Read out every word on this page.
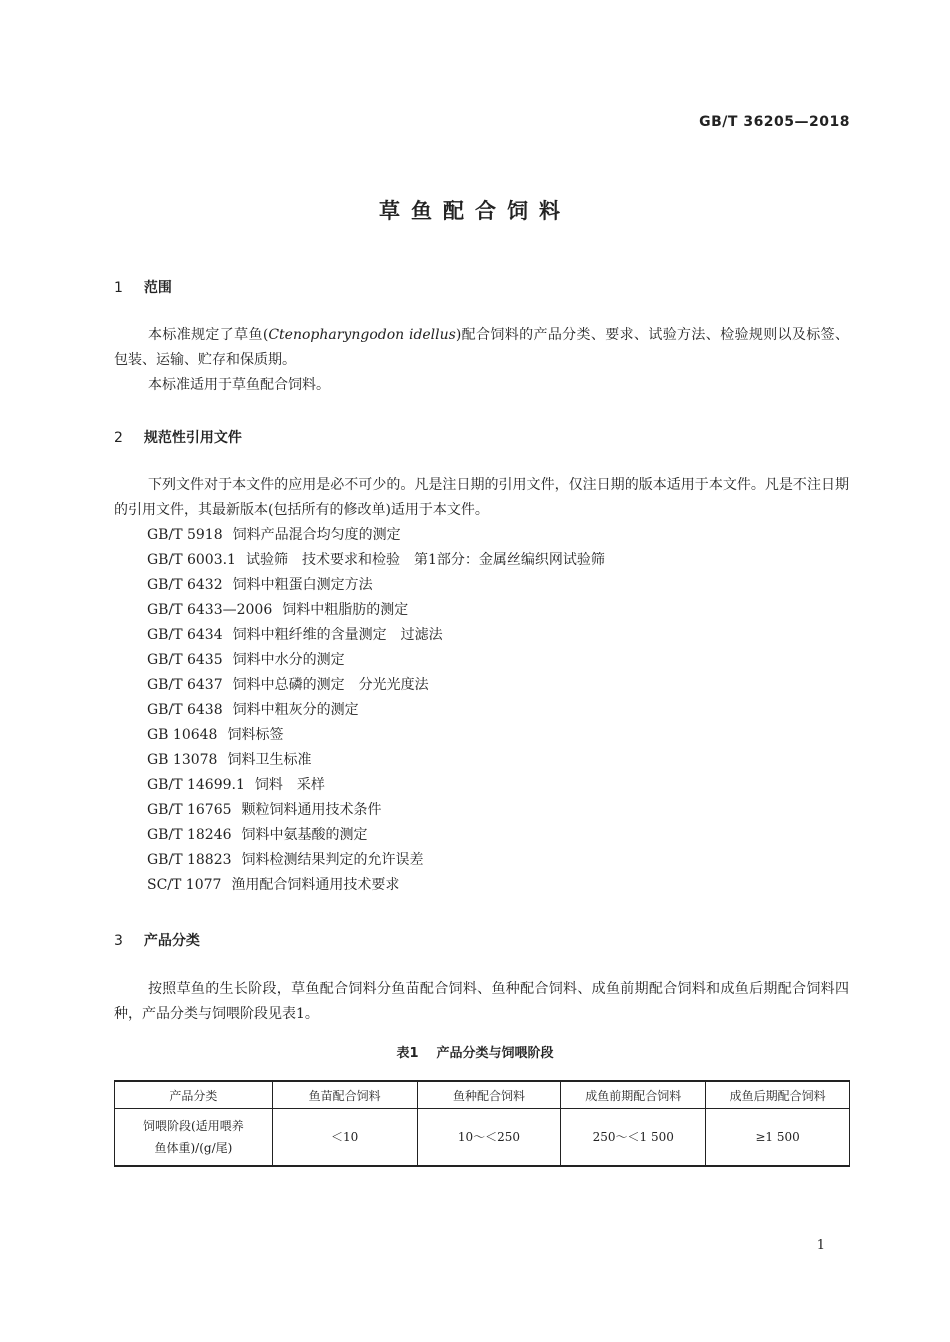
GB/T 36205—2018
草鱼配合饲料
1 范围
本标准规定了草鱼(Ctenopharyngodon idellus)配合饲料的产品分类、要求、试验方法、检验规则以及标签、包装、运输、贮存和保质期。
本标准适用于草鱼配合饲料。
2 规范性引用文件
下列文件对于本文件的应用是必不可少的。凡是注日期的引用文件，仅注日期的版本适用于本文件。凡是不注日期的引用文件，其最新版本(包括所有的修改单)适用于本文件。
GB/T 5918 饲料产品混合均匀度的测定
GB/T 6003.1 试验筛　技术要求和检验　第1部分：金属丝编织网试验筛
GB/T 6432 饲料中粗蛋白测定方法
GB/T 6433—2006 饲料中粗脂肪的测定
GB/T 6434 饲料中粗纤维的含量测定　过滤法
GB/T 6435 饲料中水分的测定
GB/T 6437 饲料中总磷的测定　分光光度法
GB/T 6438 饲料中粗灰分的测定
GB 10648 饲料标签
GB 13078 饲料卫生标准
GB/T 14699.1 饲料　采样
GB/T 16765 颗粒饲料通用技术条件
GB/T 18246 饲料中氨基酸的测定
GB/T 18823 饲料检测结果判定的允许误差
SC/T 1077 渔用配合饲料通用技术要求
3 产品分类
按照草鱼的生长阶段，草鱼配合饲料分鱼苗配合饲料、鱼种配合饲料、成鱼前期配合饲料和成鱼后期配合饲料四种，产品分类与饲喂阶段见表1。
表1 产品分类与饲喂阶段
产品分类	鱼苗配合饲料	鱼种配合饲料	成鱼前期配合饲料	成鱼后期配合饲料

饲喂阶段(适用喂养
鱼体重)/(g/尾)	＜10	10～＜250	250～＜1 500	≥1 500
1
